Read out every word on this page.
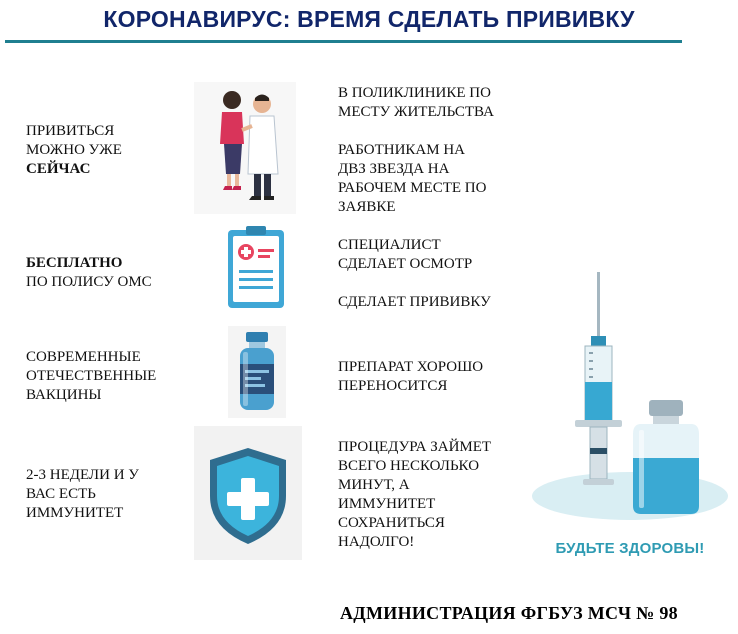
КОРОНАВИРУС: ВРЕМЯ СДЕЛАТЬ ПРИВИВКУ
ПРИВИТЬСЯ
МОЖНО УЖЕ
СЕЙЧАС
В ПОЛИКЛИНИКЕ ПО
МЕСТУ ЖИТЕЛЬСТВА
РАБОТНИКАМ НА
ДВЗ ЗВЕЗДА НА
РАБОЧЕМ МЕСТЕ ПО
ЗАЯВКЕ
БЕСПЛАТНО
ПО ПОЛИСУ ОМС
СПЕЦИАЛИСТ
СДЕЛАЕТ ОСМОТР
СДЕЛАЕТ ПРИВИВКУ
СОВРЕМЕННЫЕ
ОТЕЧЕСТВЕННЫЕ
ВАКЦИНЫ
ПРЕПАРАТ ХОРОШО
ПЕРЕНОСИТСЯ
2-3 НЕДЕЛИ И У
ВАС ЕСТЬ
ИММУНИТЕТ
ПРОЦЕДУРА ЗАЙМЕТ
ВСЕГО НЕСКОЛЬКО
МИНУТ, А
ИММУНИТЕТ
СОХРАНИТЬСЯ
НАДОЛГО!	БУДЬТЕ ЗДОРОВЫ!
АДМИНИСТРАЦИЯ ФГБУЗ МСЧ № 98
